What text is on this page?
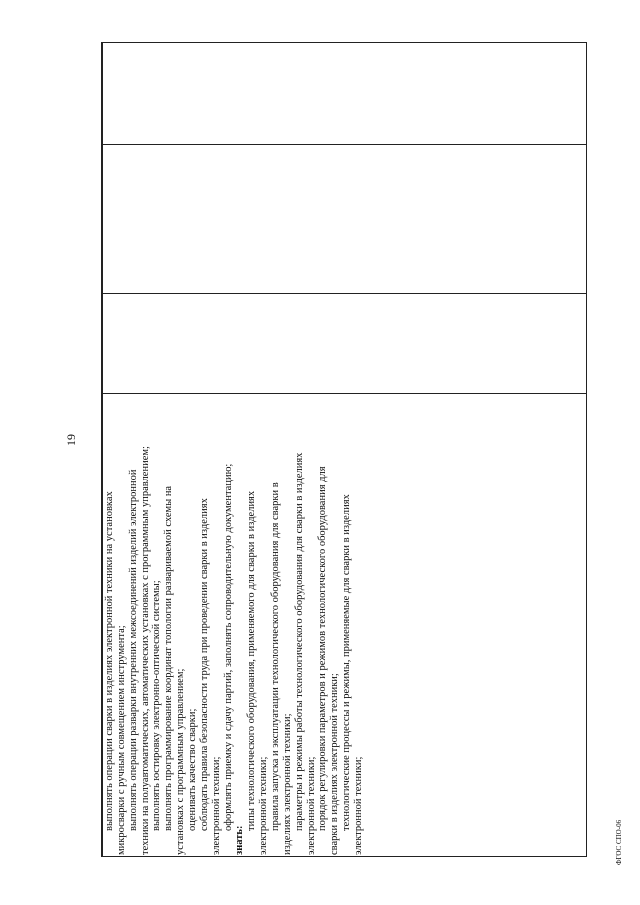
19

выполнять операции сварки в изделиях электронной техники на установках микросварки с ручным совмещением инструмента; выполнять операции разварки внутренних межсоединений изделий электронной техники на полуавтоматических, автоматических установках с программным управлением; выполнять юстировку электронно-оптической системы; выполнять программирование координат топологии развариваемой схемы на установках с программным управлением; оценивать качество сварки; соблюдать правила безопасности труда при проведении сварки в изделиях электронной техники; оформлять приемку и сдачу партий, заполнять сопроводительную документацию;

знать:

типы технологического оборудования, применяемого для сварки в изделиях электронной техники; правила запуска и эксплуатации технологического оборудования для сварки в изделиях электронной техники; параметры и режимы работы технологического оборудования для сварки в изделиях электронной техники; порядок регулировки параметров и режимов технологического оборудования для сварки в изделиях электронной техники; технологические процессы и режимы, применяемые для сварки в изделиях электронной техники;	ФГОС СПО-06
